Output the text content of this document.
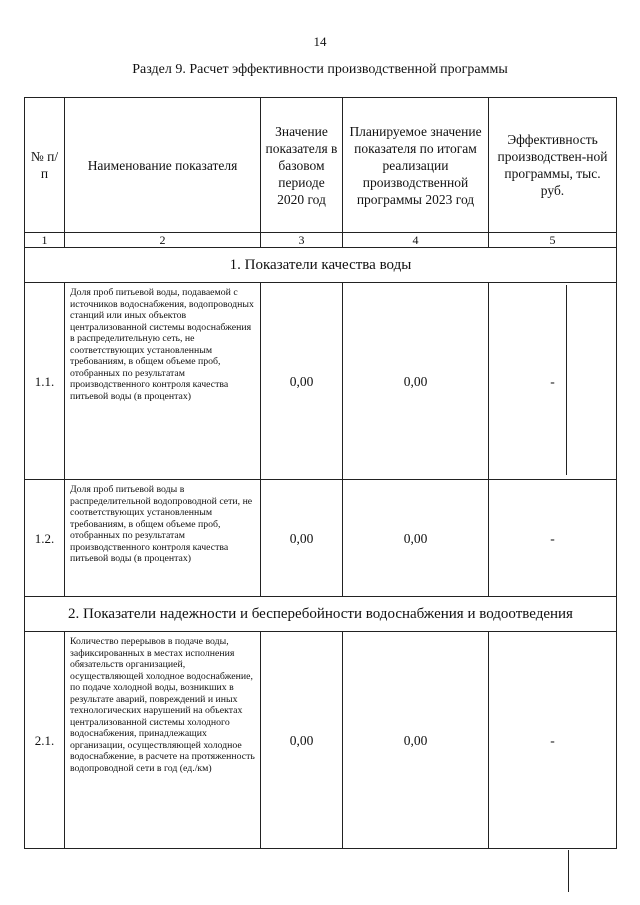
14
Раздел 9. Расчет эффективности производственной программы
№ п/п	Наименование показателя	Значение показателя в базовом периоде 2020 год	Планируемое значение показателя по итогам реализации производственной программы 2023 год	Эффективность производствен-ной программы, тыс. руб.
1	2	3	4	5
1. Показатели качества воды				
1.1.	Доля проб питьевой воды, подаваемой с источников водоснабжения, водопроводных станций или иных объектов централизованной системы водоснабжения в распределительную сеть, не соответствующих установленным требованиям, в общем объеме проб, отобранных по результатам производственного контроля качества питьевой воды (в процентах)	0,00	0,00	-
1.2.	Доля проб питьевой воды в распределительной водопроводной сети, не соответствующих установленным требованиям, в общем объеме проб, отобранных по результатам производственного контроля качества питьевой воды (в процентах)	0,00	0,00	-
2. Показатели надежности и бесперебойности водоснабжения и водоотведения				
2.1.	Количество перерывов в подаче воды, зафиксированных в местах исполнения обязательств организацией, осуществляющей холодное водоснабжение, по подаче холодной воды, возникших в результате аварий, повреждений и иных технологических нарушений на объектах централизованной системы холодного водоснабжения, принадлежащих организации, осуществляющей холодное водоснабжение, в расчете на протяженность водопроводной сети в год (ед./км)	0,00	0,00	-
